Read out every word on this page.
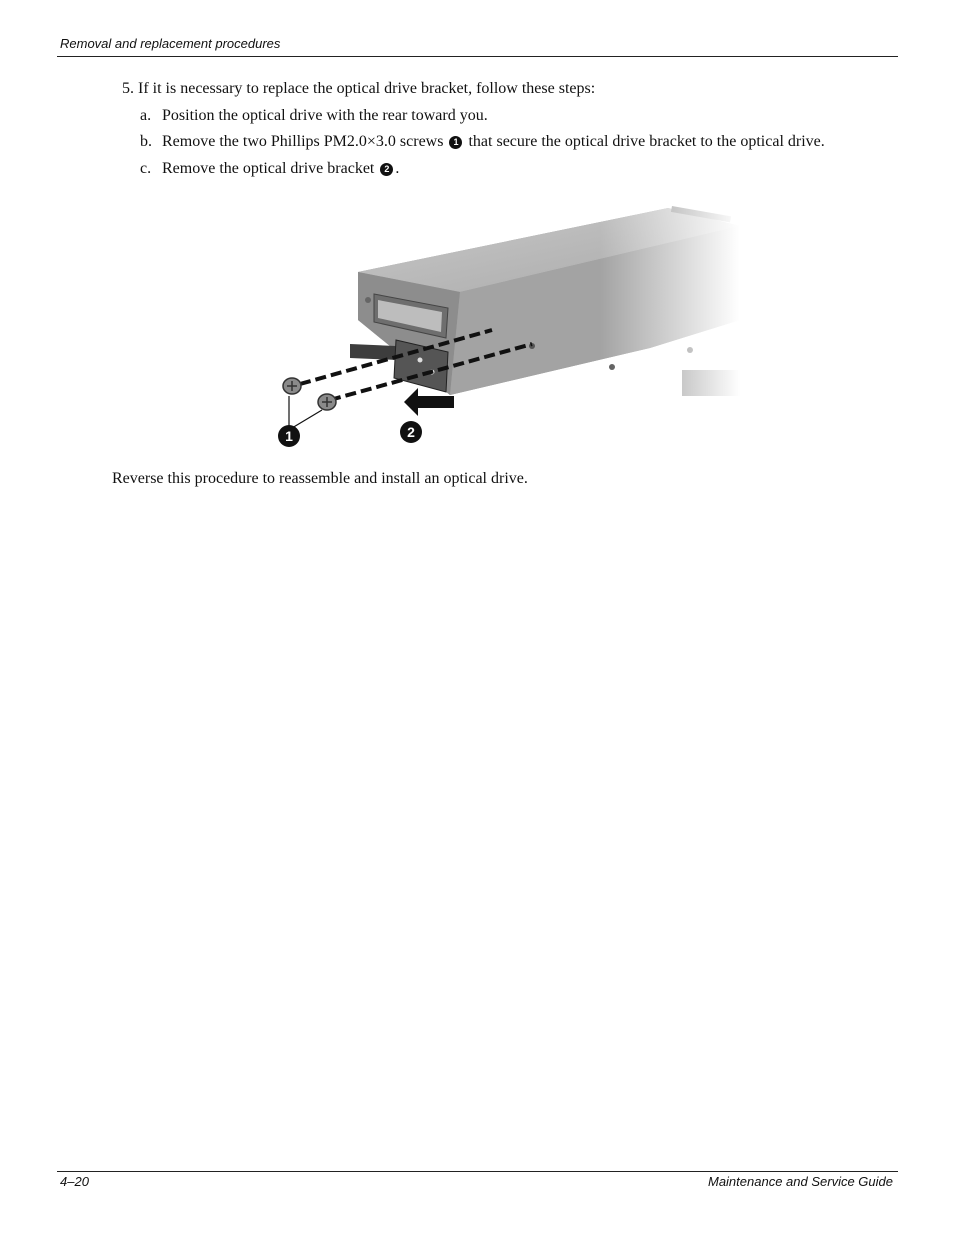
Removal and replacement procedures
5. If it is necessary to replace the optical drive bracket, follow these steps:
a. Position the optical drive with the rear toward you.
b. Remove the two Phillips PM2.0×3.0 screws 1 that secure the optical drive bracket to the optical drive.
c. Remove the optical drive bracket 2 .
1	2
Reverse this procedure to reassemble and install an optical drive.
4–20	Maintenance and Service Guide
